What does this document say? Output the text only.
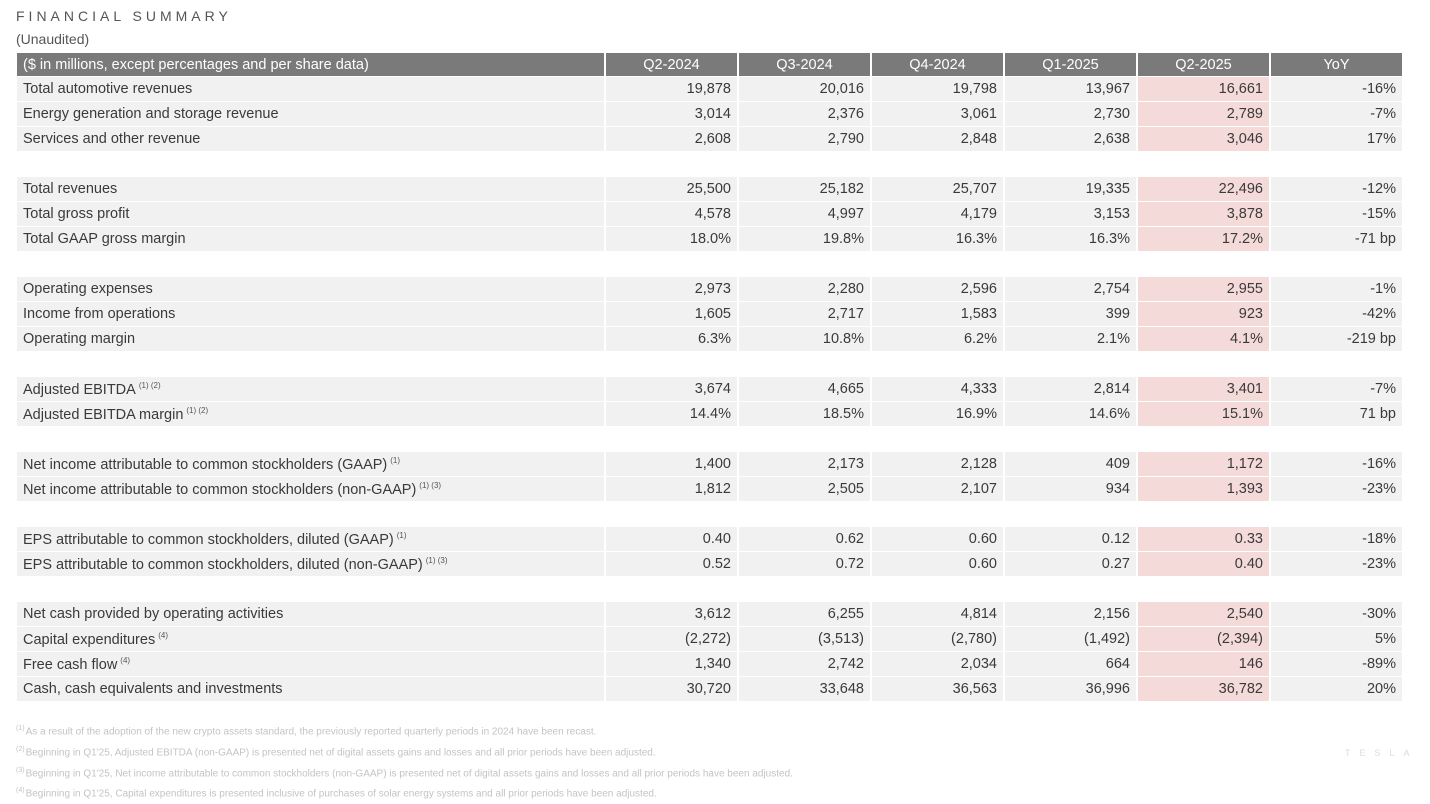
FINANCIAL SUMMARY
(Unaudited)
($ in millions, except percentages and per share data)	Q2-2024	Q3-2024	Q4-2024	Q1-2025	Q2-2025	YoY
Total automotive revenues	19,878	20,016	19,798	13,967	16,661	-16%
Energy generation and storage revenue	3,014	2,376	3,061	2,730	2,789	-7%
Services and other revenue	2,608	2,790	2,848	2,638	3,046	17%

Total revenues	25,500	25,182	25,707	19,335	22,496	-12%
Total gross profit	4,578	4,997	4,179	3,153	3,878	-15%
Total GAAP gross margin	18.0%	19.8%	16.3%	16.3%	17.2%	-71 bp

Operating expenses	2,973	2,280	2,596	2,754	2,955	-1%
Income from operations	1,605	2,717	1,583	399	923	-42%
Operating margin	6.3%	10.8%	6.2%	2.1%	4.1%	-219 bp

Adjusted EBITDA $^{(1) (2)}$	3,674	4,665	4,333	2,814	3,401	-7%
Adjusted EBITDA margin $^{(1) (2)}$	14.4%	18.5%	16.9%	14.6%	15.1%	71 bp

Net income attributable to common stockholders (GAAP) $^{(1)}$	1,400	2,173	2,128	409	1,172	-16%
Net income attributable to common stockholders (non-GAAP) $^{(1) (3)}$	1,812	2,505	2,107	934	1,393	-23%

EPS attributable to common stockholders, diluted (GAAP) $^{(1)}$	0.40	0.62	0.60	0.12	0.33	-18%
EPS attributable to common stockholders, diluted (non-GAAP) $^{(1) (3)}$	0.52	0.72	0.60	0.27	0.40	-23%

Net cash provided by operating activities	3,612	6,255	4,814	2,156	2,540	-30%
Capital expenditures $^{(4)}$	(2,272)	(3,513)	(2,780)	(1,492)	(2,394)	5%
Free cash flow $^{(4)}$	1,340	2,742	2,034	664	146	-89%
Cash, cash equivalents and investments	30,720	33,648	36,563	36,996	36,782	20%
$^{(1)}$As a result of the adoption of the new crypto assets standard, the previously reported quarterly periods in 2024 have been recast.
$^{(2)}$Beginning in Q1'25, Adjusted EBITDA (non-GAAP) is presented net of digital assets gains and losses and all prior periods have been adjusted.
$^{(3)}$Beginning in Q1'25, Net income attributable to common stockholders (non-GAAP) is presented net of digital assets gains and losses and all prior periods have been adjusted.
$^{(4)}$Beginning in Q1'25, Capital expenditures is presented inclusive of purchases of solar energy systems and all prior periods have been adjusted.
TESLA
